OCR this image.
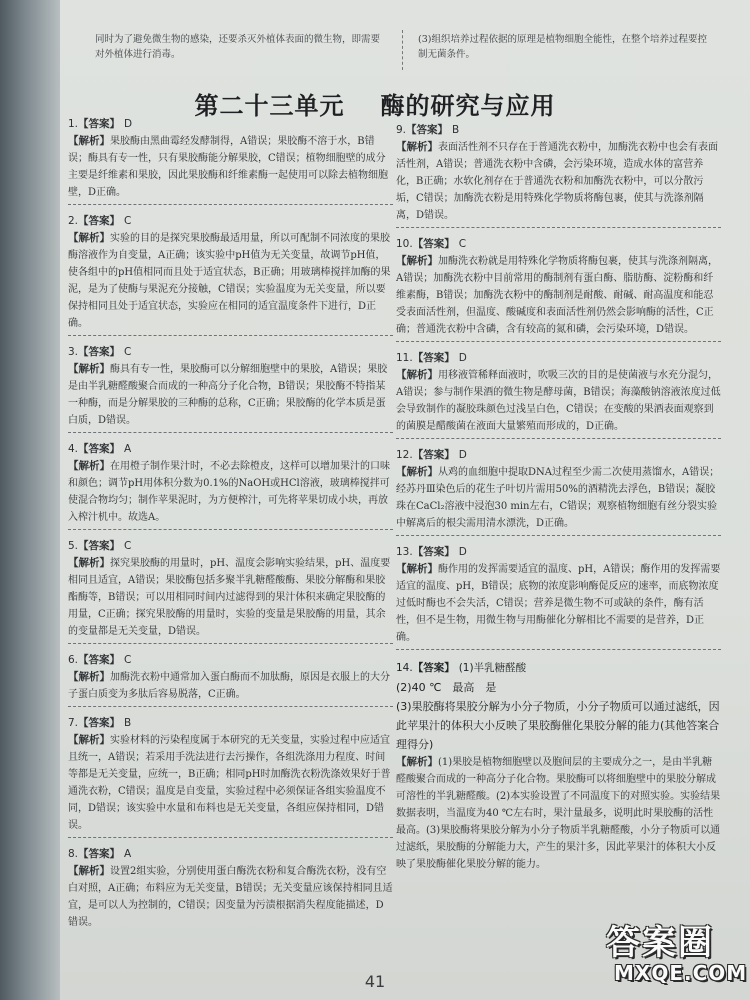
同时为了避免微生物的感染，还要杀灭外植体表面的微生物，即需要对外植体进行消毒。
(3)组织培养过程依据的原理是植物细胞全能性，在整个培养过程要控制无菌条件。
第二十三单元 酶的研究与应用
1.【答案】 D
【解析】果胶酶由黑曲霉经发酵制得，A错误；果胶酶不溶于水，B错误；酶具有专一性，只有果胶酶能分解果胶，C错误；植物细胞壁的成分主要是纤维素和果胶，因此果胶酶和纤维素酶一起使用可以除去植物细胞壁，D正确。
2.【答案】 C
【解析】实验的目的是探究果胶酶最适用量，所以可配制不同浓度的果胶酶溶液作为自变量，A正确；该实验中pH值为无关变量，故调节pH值，使各组中的pH值相同而且处于适宜状态，B正确；用玻璃棒搅拌加酶的果泥，是为了使酶与果泥充分接触，C错误；实验温度为无关变量，所以要保持相同且处于适宜状态，实验应在相同的适宜温度条件下进行，D正确。
3.【答案】 C
【解析】酶具有专一性，果胶酶可以分解细胞壁中的果胶，A错误；果胶是由半乳糖醛酸聚合而成的一种高分子化合物，B错误；果胶酶不特指某一种酶，而是分解果胶的三种酶的总称，C正确；果胶酶的化学本质是蛋白质，D错误。
4.【答案】 A
【解析】在用橙子制作果汁时，不必去除橙皮，这样可以增加果汁的口味和颜色；调节pH用体积分数为0.1%的NaOH或HCl溶液，玻璃棒搅拌可使混合物均匀；制作苹果泥时，为方便榨汁，可先将苹果切成小块，再放入榨汁机中。故选A。
5.【答案】 C
【解析】探究果胶酶的用量时，pH、温度会影响实验结果，pH、温度要相同且适宜，A错误；果胶酶包括多聚半乳糖醛酸酶、果胶分解酶和果胶酯酶等，B错误；可以用相同时间内过滤得到的果汁体积来确定果胶酶的用量，C正确；探究果胶酶的用量时，实验的变量是果胶酶的用量，其余的变量都是无关变量，D错误。
6.【答案】 C
【解析】加酶洗衣粉中通常加入蛋白酶而不加肽酶，原因是衣服上的大分子蛋白质变为多肽后容易脱落，C正确。
7.【答案】 B
【解析】实验材料的污染程度属于本研究的无关变量，实验过程中应适宜且统一，A错误；若采用手洗法进行去污操作，各组洗涤用力程度、时间等都是无关变量，应统一，B正确；相同pH时加酶洗衣粉洗涤效果好于普通洗衣粉，C错误；温度是自变量，实验过程中必须保证各组实验温度不同，D错误；该实验中水量和布料也是无关变量，各组应保持相同，D错误。
8.【答案】 A
【解析】设置2组实验，分别使用蛋白酶洗衣粉和复合酶洗衣粉，没有空白对照，A正确；布料应为无关变量，B错误；无关变量应该保持相同且适宜，是可以人为控制的，C错误；因变量为污渍根据消失程度能描述，D错误。
9.【答案】 B
【解析】表面活性剂不只存在于普通洗衣粉中，加酶洗衣粉中也会有表面活性剂，A错误；普通洗衣粉中含磷，会污染环境，造成水体的富营养化，B正确；水软化剂存在于普通洗衣粉和加酶洗衣粉中，可以分散污垢，C错误；加酶洗衣粉是用特殊化学物质将酶包裹，使其与洗涤剂隔离，D错误。
10.【答案】 C
【解析】加酶洗衣粉就是用特殊化学物质将酶包裹，使其与洗涤剂隔离，A错误；加酶洗衣粉中目前常用的酶制剂有蛋白酶、脂肪酶、淀粉酶和纤维素酶，B错误；加酶洗衣粉中的酶制剂是耐酸、耐碱、耐高温度和能忍受表面活性剂，但温度、酸碱度和表面活性剂仍然会影响酶的活性，C正确；普通洗衣粉中含磷，含有较高的氮和磷，会污染环境，D错误。
11.【答案】 D
【解析】用移液管稀释面液时，吹吸三次的目的是使菌液与水充分混匀，A错误；参与制作果酒的微生物是酵母菌，B错误；海藻酸钠溶液浓度过低会导致制作的凝胶珠颜色过浅呈白色，C错误；在变酸的果酒表面观察到的菌膜是醋酸菌在液面大量繁殖而形成的，D正确。
12.【答案】 D
【解析】从鸡的血细胞中提取DNA过程至少需二次使用蒸馏水，A错误；经苏丹Ⅲ染色后的花生子叶切片需用50%的酒精洗去浮色，B错误；凝胶珠在CaCl₂溶液中浸泡30 min左右，C错误；观察植物细胞有丝分裂实验中解离后的根尖需用清水漂洗，D正确。
13.【答案】 D
【解析】酶作用的发挥需要适宜的温度、pH，A错误；酶作用的发挥需要适宜的温度、pH，B错误；底物的浓度影响酶促反应的速率，而底物浓度过低时酶也不会失活，C错误；营养是微生物不可或缺的条件，酶有活性，但不是生物，用微生物与用酶催化分解相比不需要的是营养，D正确。
14.【答案】 (1)半乳糖醛酸
(2)40 ℃　最高　是
(3)果胶酶将果胶分解为小分子物质，小分子物质可以通过滤纸，因此苹果汁的体积大小反映了果胶酶催化果胶分解的能力(其他答案合理得分)
【解析】(1)果胶是植物细胞壁以及胞间层的主要成分之一，是由半乳糖醛酸聚合而成的一种高分子化合物。果胶酶可以将细胞壁中的果胶分解成可溶性的半乳糖醛酸。(2)本实验设置了不同温度下的对照实验。实验结果数据表明，当温度为40 ℃左右时，果汁量最多，说明此时果胶酶的活性最高。(3)果胶酶将果胶分解为小分子物质半乳糖醛酸，小分子物质可以通过滤纸，果胶酶的分解能力大，产生的果汁多，因此苹果汁的体积大小反映了果胶酶催化果胶分解的能力。
41
答案圈
MXQE.COM
